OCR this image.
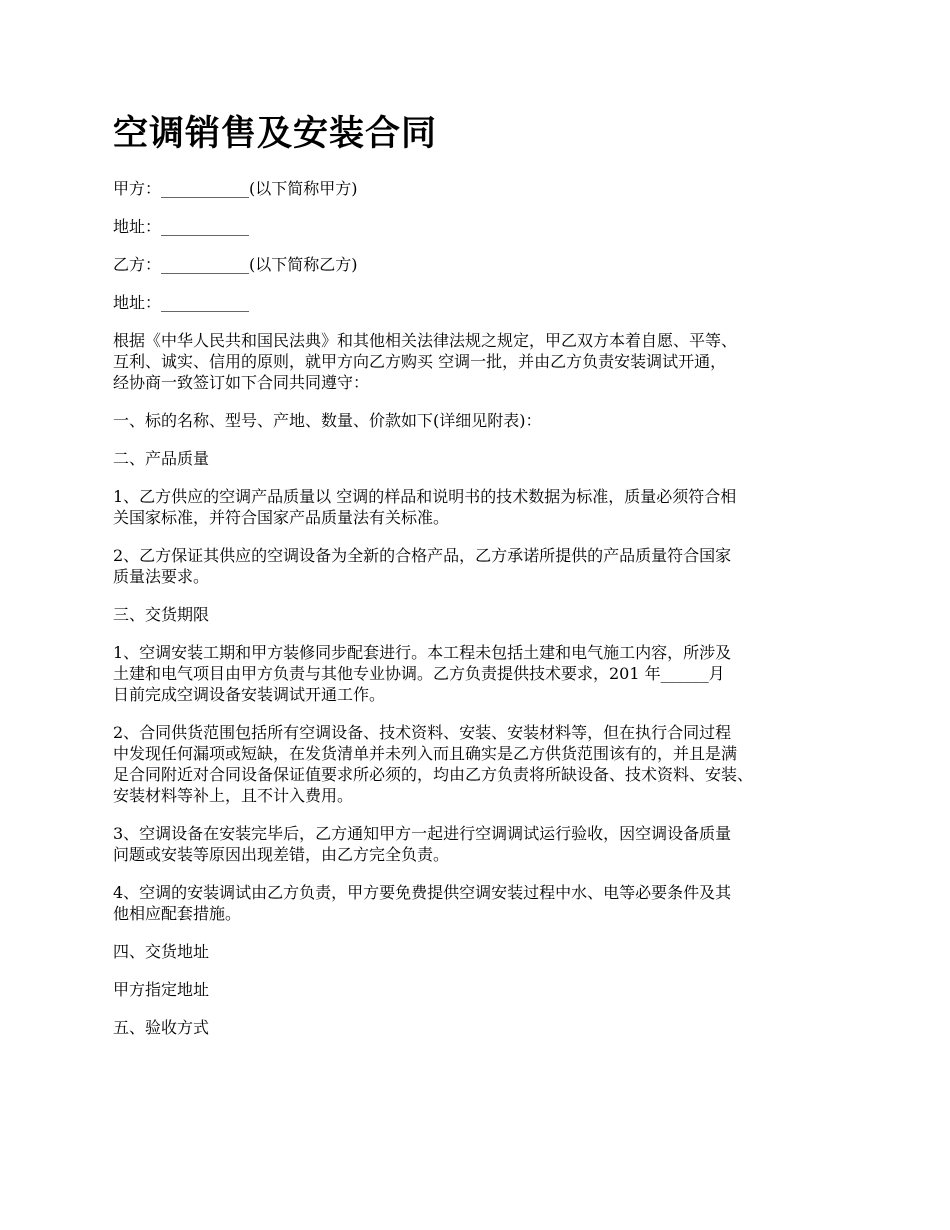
空调销售及安装合同

甲方：___________(以下简称甲方)

地址：___________

乙方：___________(以下简称乙方)

地址：___________

根据《中华人民共和国民法典》和其他相关法律法规之规定，甲乙双方本着自愿、平等、
互利、诚实、信用的原则，就甲方向乙方购买 空调一批，并由乙方负责安装调试开通，
经协商一致签订如下合同共同遵守：

一、标的名称、型号、产地、数量、价款如下(详细见附表)：

二、产品质量

1、乙方供应的空调产品质量以 空调的样品和说明书的技术数据为标准，质量必须符合相
关国家标准，并符合国家产品质量法有关标准。

2、乙方保证其供应的空调设备为全新的合格产品，乙方承诺所提供的产品质量符合国家
质量法要求。

三、交货期限

1、空调安装工期和甲方装修同步配套进行。本工程未包括土建和电气施工内容，所涉及
土建和电气项目由甲方负责与其他专业协调。乙方负责提供技术要求，201 年______月
日前完成空调设备安装调试开通工作。

2、合同供货范围包括所有空调设备、技术资料、安装、安装材料等，但在执行合同过程
中发现任何漏项或短缺，在发货清单并未列入而且确实是乙方供货范围该有的，并且是满
足合同附近对合同设备保证值要求所必须的，均由乙方负责将所缺设备、技术资料、安装、
安装材料等补上，且不计入费用。

3、空调设备在安装完毕后，乙方通知甲方一起进行空调调试运行验收，因空调设备质量
问题或安装等原因出现差错，由乙方完全负责。

4、空调的安装调试由乙方负责，甲方要免费提供空调安装过程中水、电等必要条件及其
他相应配套措施。

四、交货地址

甲方指定地址

五、验收方式
